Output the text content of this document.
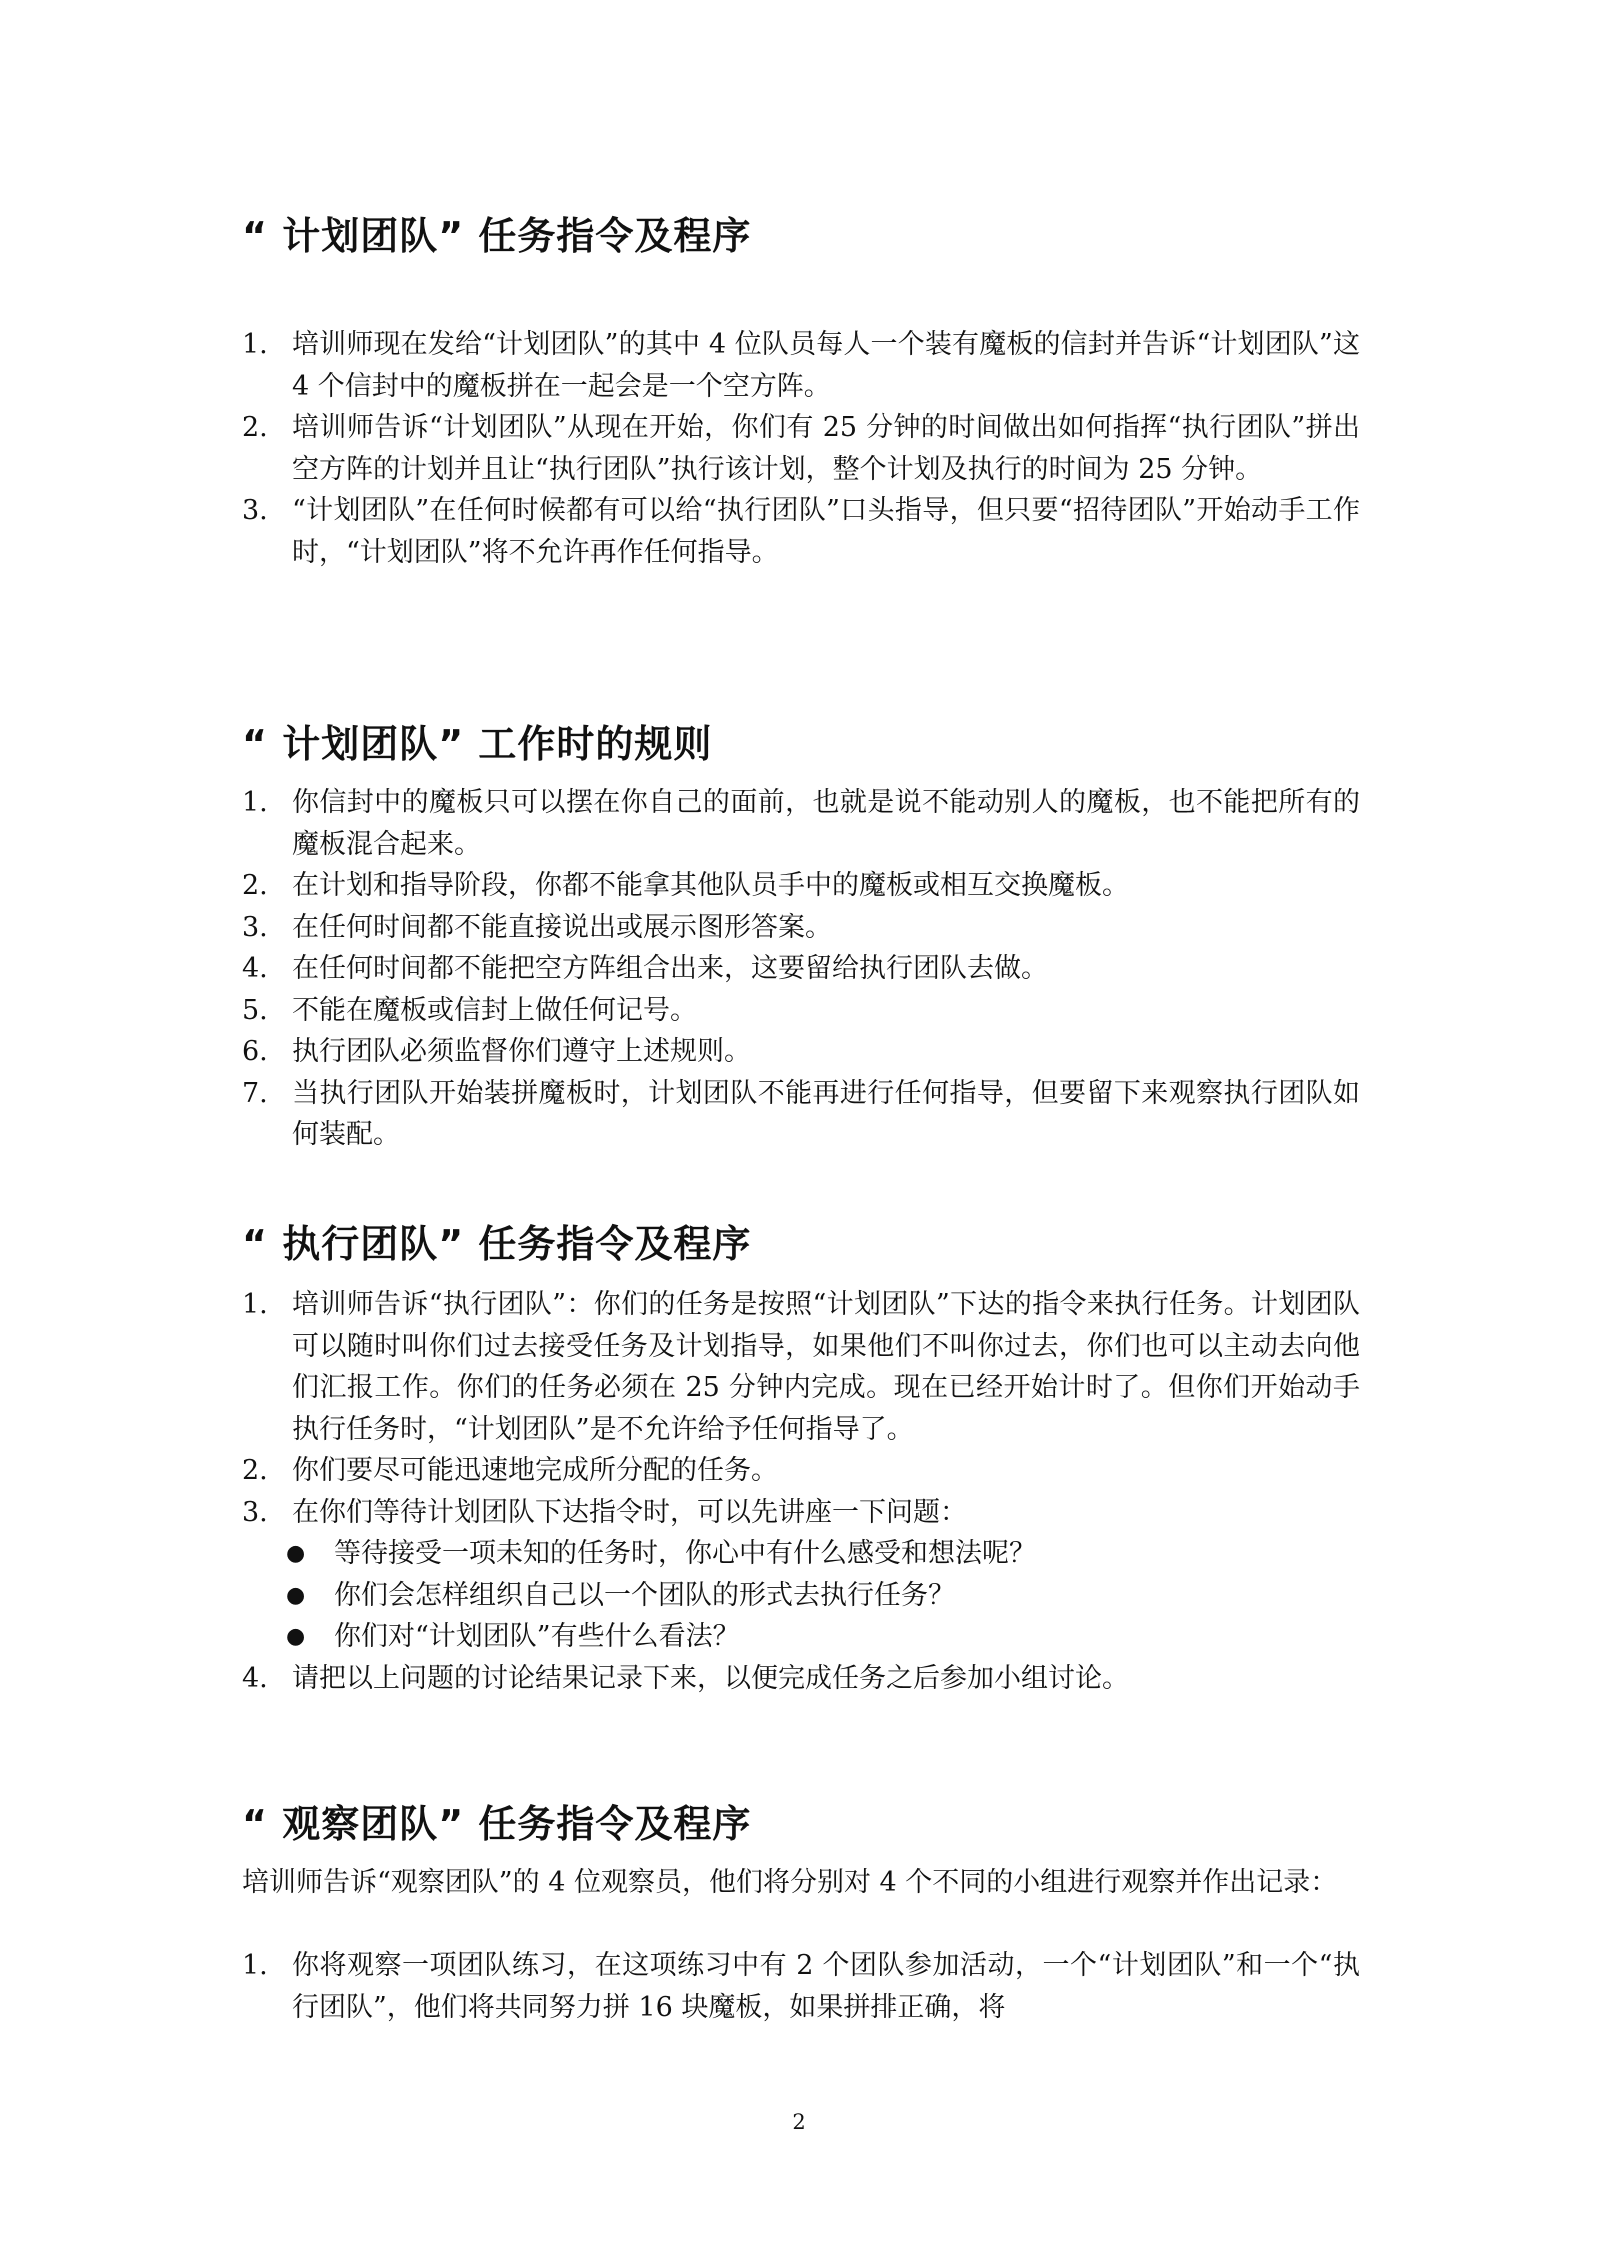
“ 计划团队” 任务指令及程序
1. 培训师现在发给“计划团队”的其中 4 位队员每人一个装有魔板的信封并告诉“计划团队”这 4 个信封中的魔板拼在一起会是一个空方阵。
2. 培训师告诉“计划团队”从现在开始，你们有 25 分钟的时间做出如何指挥“执行团队”拼出空方阵的计划并且让“执行团队”执行该计划，整个计划及执行的时间为 25 分钟。
3. “计划团队”在任何时候都有可以给“执行团队”口头指导，但只要“招待团队”开始动手工作时，“计划团队”将不允许再作任何指导。
“ 计划团队” 工作时的规则
1. 你信封中的魔板只可以摆在你自己的面前，也就是说不能动别人的魔板，也不能把所有的魔板混合起来。
2. 在计划和指导阶段，你都不能拿其他队员手中的魔板或相互交换魔板。
3. 在任何时间都不能直接说出或展示图形答案。
4. 在任何时间都不能把空方阵组合出来，这要留给执行团队去做。
5. 不能在魔板或信封上做任何记号。
6. 执行团队必须监督你们遵守上述规则。
7. 当执行团队开始装拼魔板时，计划团队不能再进行任何指导，但要留下来观察执行团队如何装配。
“ 执行团队” 任务指令及程序
1. 培训师告诉“执行团队”：你们的任务是按照“计划团队”下达的指令来执行任务。计划团队可以随时叫你们过去接受任务及计划指导，如果他们不叫你过去，你们也可以主动去向他们汇报工作。你们的任务必须在 25 分钟内完成。现在已经开始计时了。但你们开始动手执行任务时，“计划团队”是不允许给予任何指导了。
2. 你们要尽可能迅速地完成所分配的任务。
3. 在你们等待计划团队下达指令时，可以先讲座一下问题：
● 等待接受一项未知的任务时，你心中有什么感受和想法呢？
● 你们会怎样组织自己以一个团队的形式去执行任务？
● 你们对“计划团队”有些什么看法？
4. 请把以上问题的讨论结果记录下来，以便完成任务之后参加小组讨论。
“ 观察团队” 任务指令及程序

培训师告诉“观察团队”的 4 位观察员，他们将分别对 4 个不同的小组进行观察并作出记录：

1. 你将观察一项团队练习，在这项练习中有 2 个团队参加活动，一个“计划团队”和一个“执行团队”，他们将共同努力拼 16 块魔板，如果拼排正确，将
2
